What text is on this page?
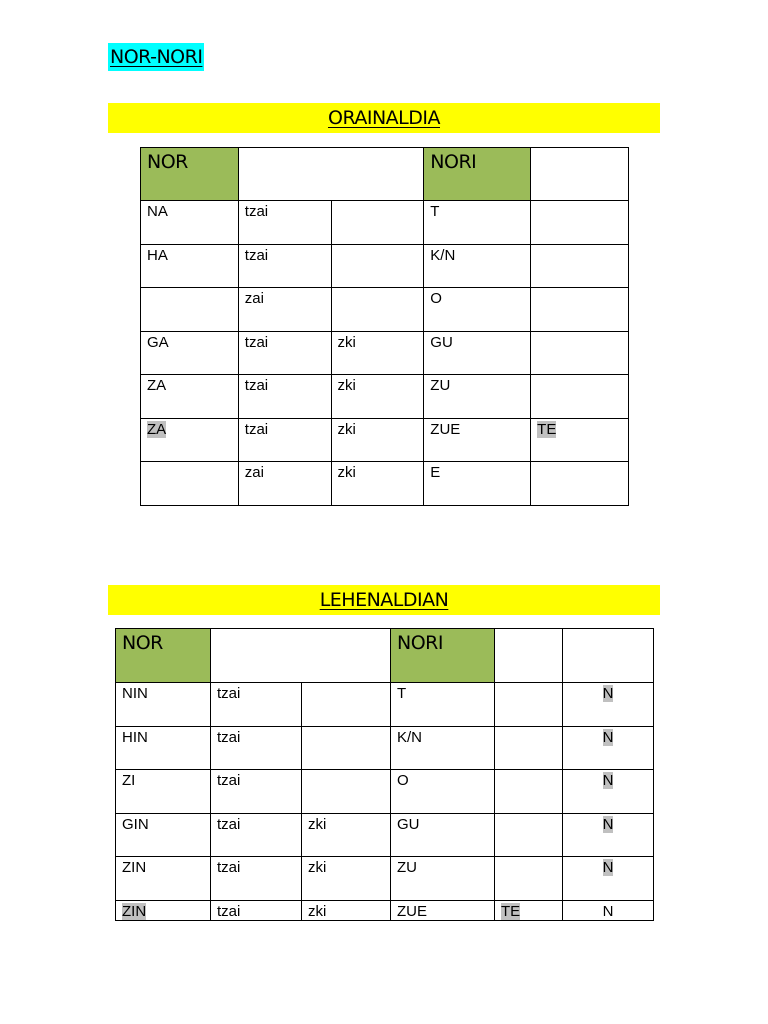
NOR-NORI
ORAINALDIA
NOR			NORI	
NA	tzai		T	
HA	tzai		K/N	
	zai		O	
GA	tzai	zki	GU	
ZA	tzai	zki	ZU	
ZA	tzai	zki	ZUE	TE
	zai	zki	E	
LEHENALDIAN
NOR			NORI		
NIN	tzai		T		N
HIN	tzai		K/N		N
ZI	tzai		O		N
GIN	tzai	zki	GU		N
ZIN	tzai	zki	ZU		N
ZIN	tzai	zki	ZUE	TE	N
